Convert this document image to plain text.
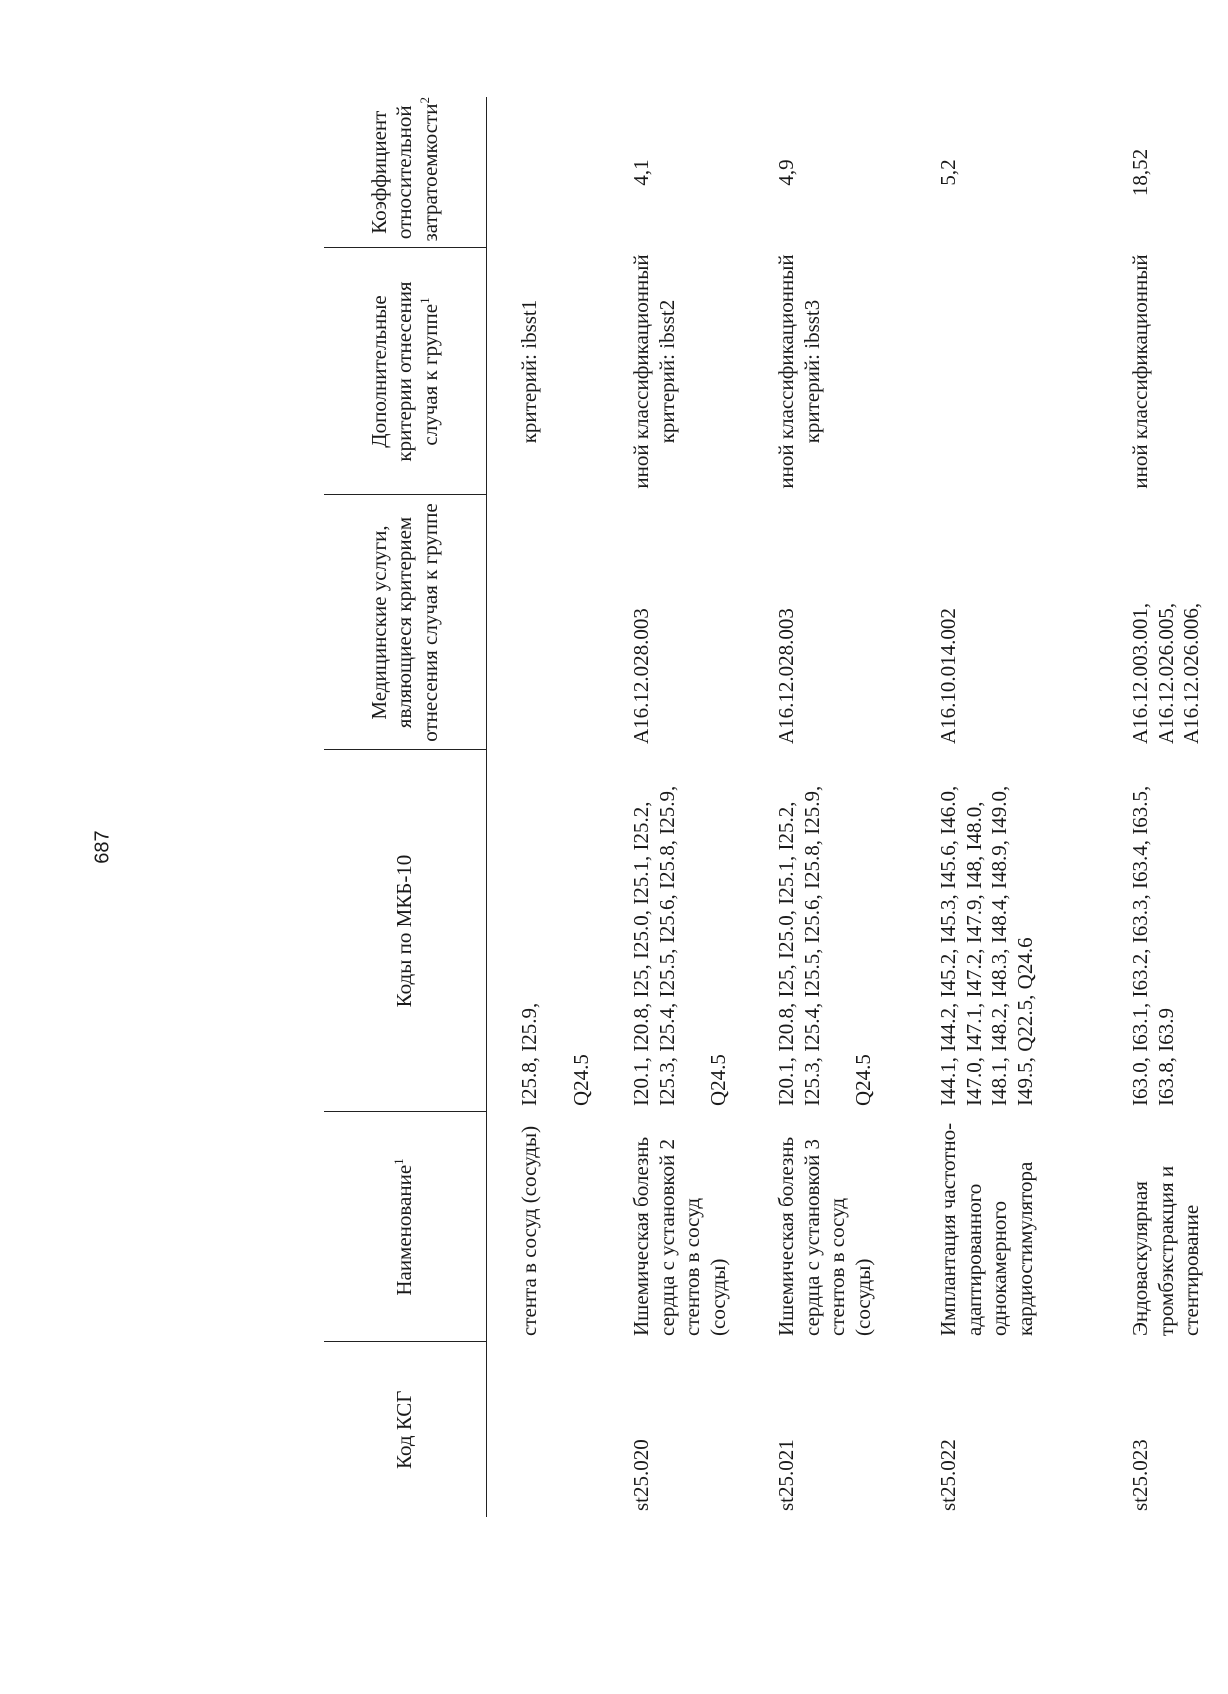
687
Код КСГ	Наименование$^1$	Коды по МКБ-10	Медицинские услуги, являющиеся критерием отнесения случая к группе	Дополнительные критерии отнесения случая к группе$^1$	Коэффициент относительной затратоемкости$^2$
	стента в сосуд (сосуды)	I25.8, I25.9, Q24.5		критерий: ibsst1	
st25.020	Ишемическая болезнь сердца с установкой 2 стентов в сосуд (сосуды)	I20.1, I20.8, I25, I25.0, I25.1, I25.2, I25.3, I25.4, I25.5, I25.6, I25.8, I25.9, Q24.5	A16.12.028.003	иной классификационный критерий: ibsst2	4,1
st25.021	Ишемическая болезнь сердца с установкой 3 стентов в сосуд (сосуды)	I20.1, I20.8, I25, I25.0, I25.1, I25.2, I25.3, I25.4, I25.5, I25.6, I25.8, I25.9, Q24.5	A16.12.028.003	иной классификационный критерий: ibsst3	4,9
st25.022	Имплантация частотно-адаптированного однокамерного кардиостимулятора	I44.1, I44.2, I45.2, I45.3, I45.6, I46.0, I47.0, I47.1, I47.2, I47.9, I48, I48.0, I48.1, I48.2, I48.3, I48.4, I48.9, I49.0, I49.5, Q22.5, Q24.6	A16.10.014.002		5,2
st25.023	Эндоваскулярная тромбэкстракция и стентирование	I63.0, I63.1, I63.2, I63.3, I63.4, I63.5, I63.8, I63.9	A16.12.003.001, A16.12.026.005, A16.12.026.006,	иной классификационный	18,52
